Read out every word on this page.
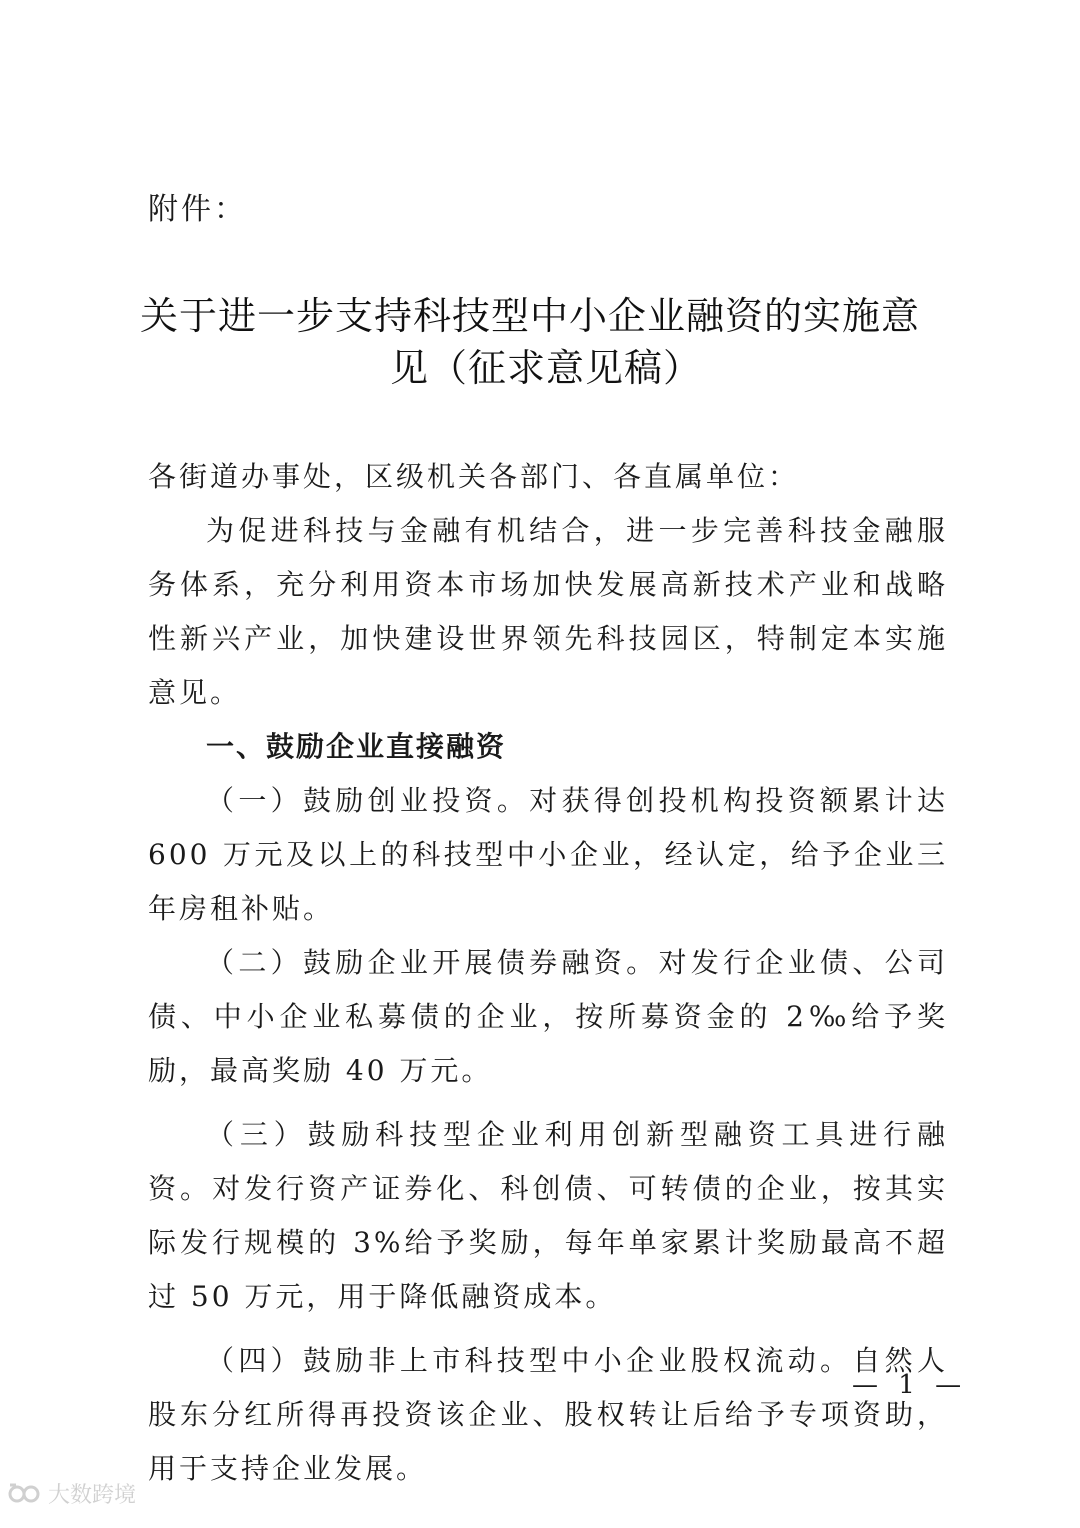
附件：
关于进一步支持科技型中小企业融资的实施意
见（征求意见稿）

各街道办事处，区级机关各部门、各直属单位：

为促进科技与金融有机结合，进一步完善科技金融服务体系，充分利用资本市场加快发展高新技术产业和战略性新兴产业，加快建设世界领先科技园区，特制定本实施意见。

一、鼓励企业直接融资

（一）鼓励创业投资。对获得创投机构投资额累计达 600 万元及以上的科技型中小企业，经认定，给予企业三年房租补贴。

（二）鼓励企业开展债券融资。对发行企业债、公司债、中小企业私募债的企业，按所募资金的 2‰给予奖励，最高奖励 40 万元。

（三）鼓励科技型企业利用创新型融资工具进行融资。对发行资产证券化、科创债、可转债的企业，按其实际发行规模的 3%给予奖励，每年单家累计奖励最高不超过 50 万元，用于降低融资成本。

（四）鼓励非上市科技型中小企业股权流动。自然人股东分红所得再投资该企业、股权转让后给予专项资助，用于支持企业发展。

— 1 —
大数跨境
